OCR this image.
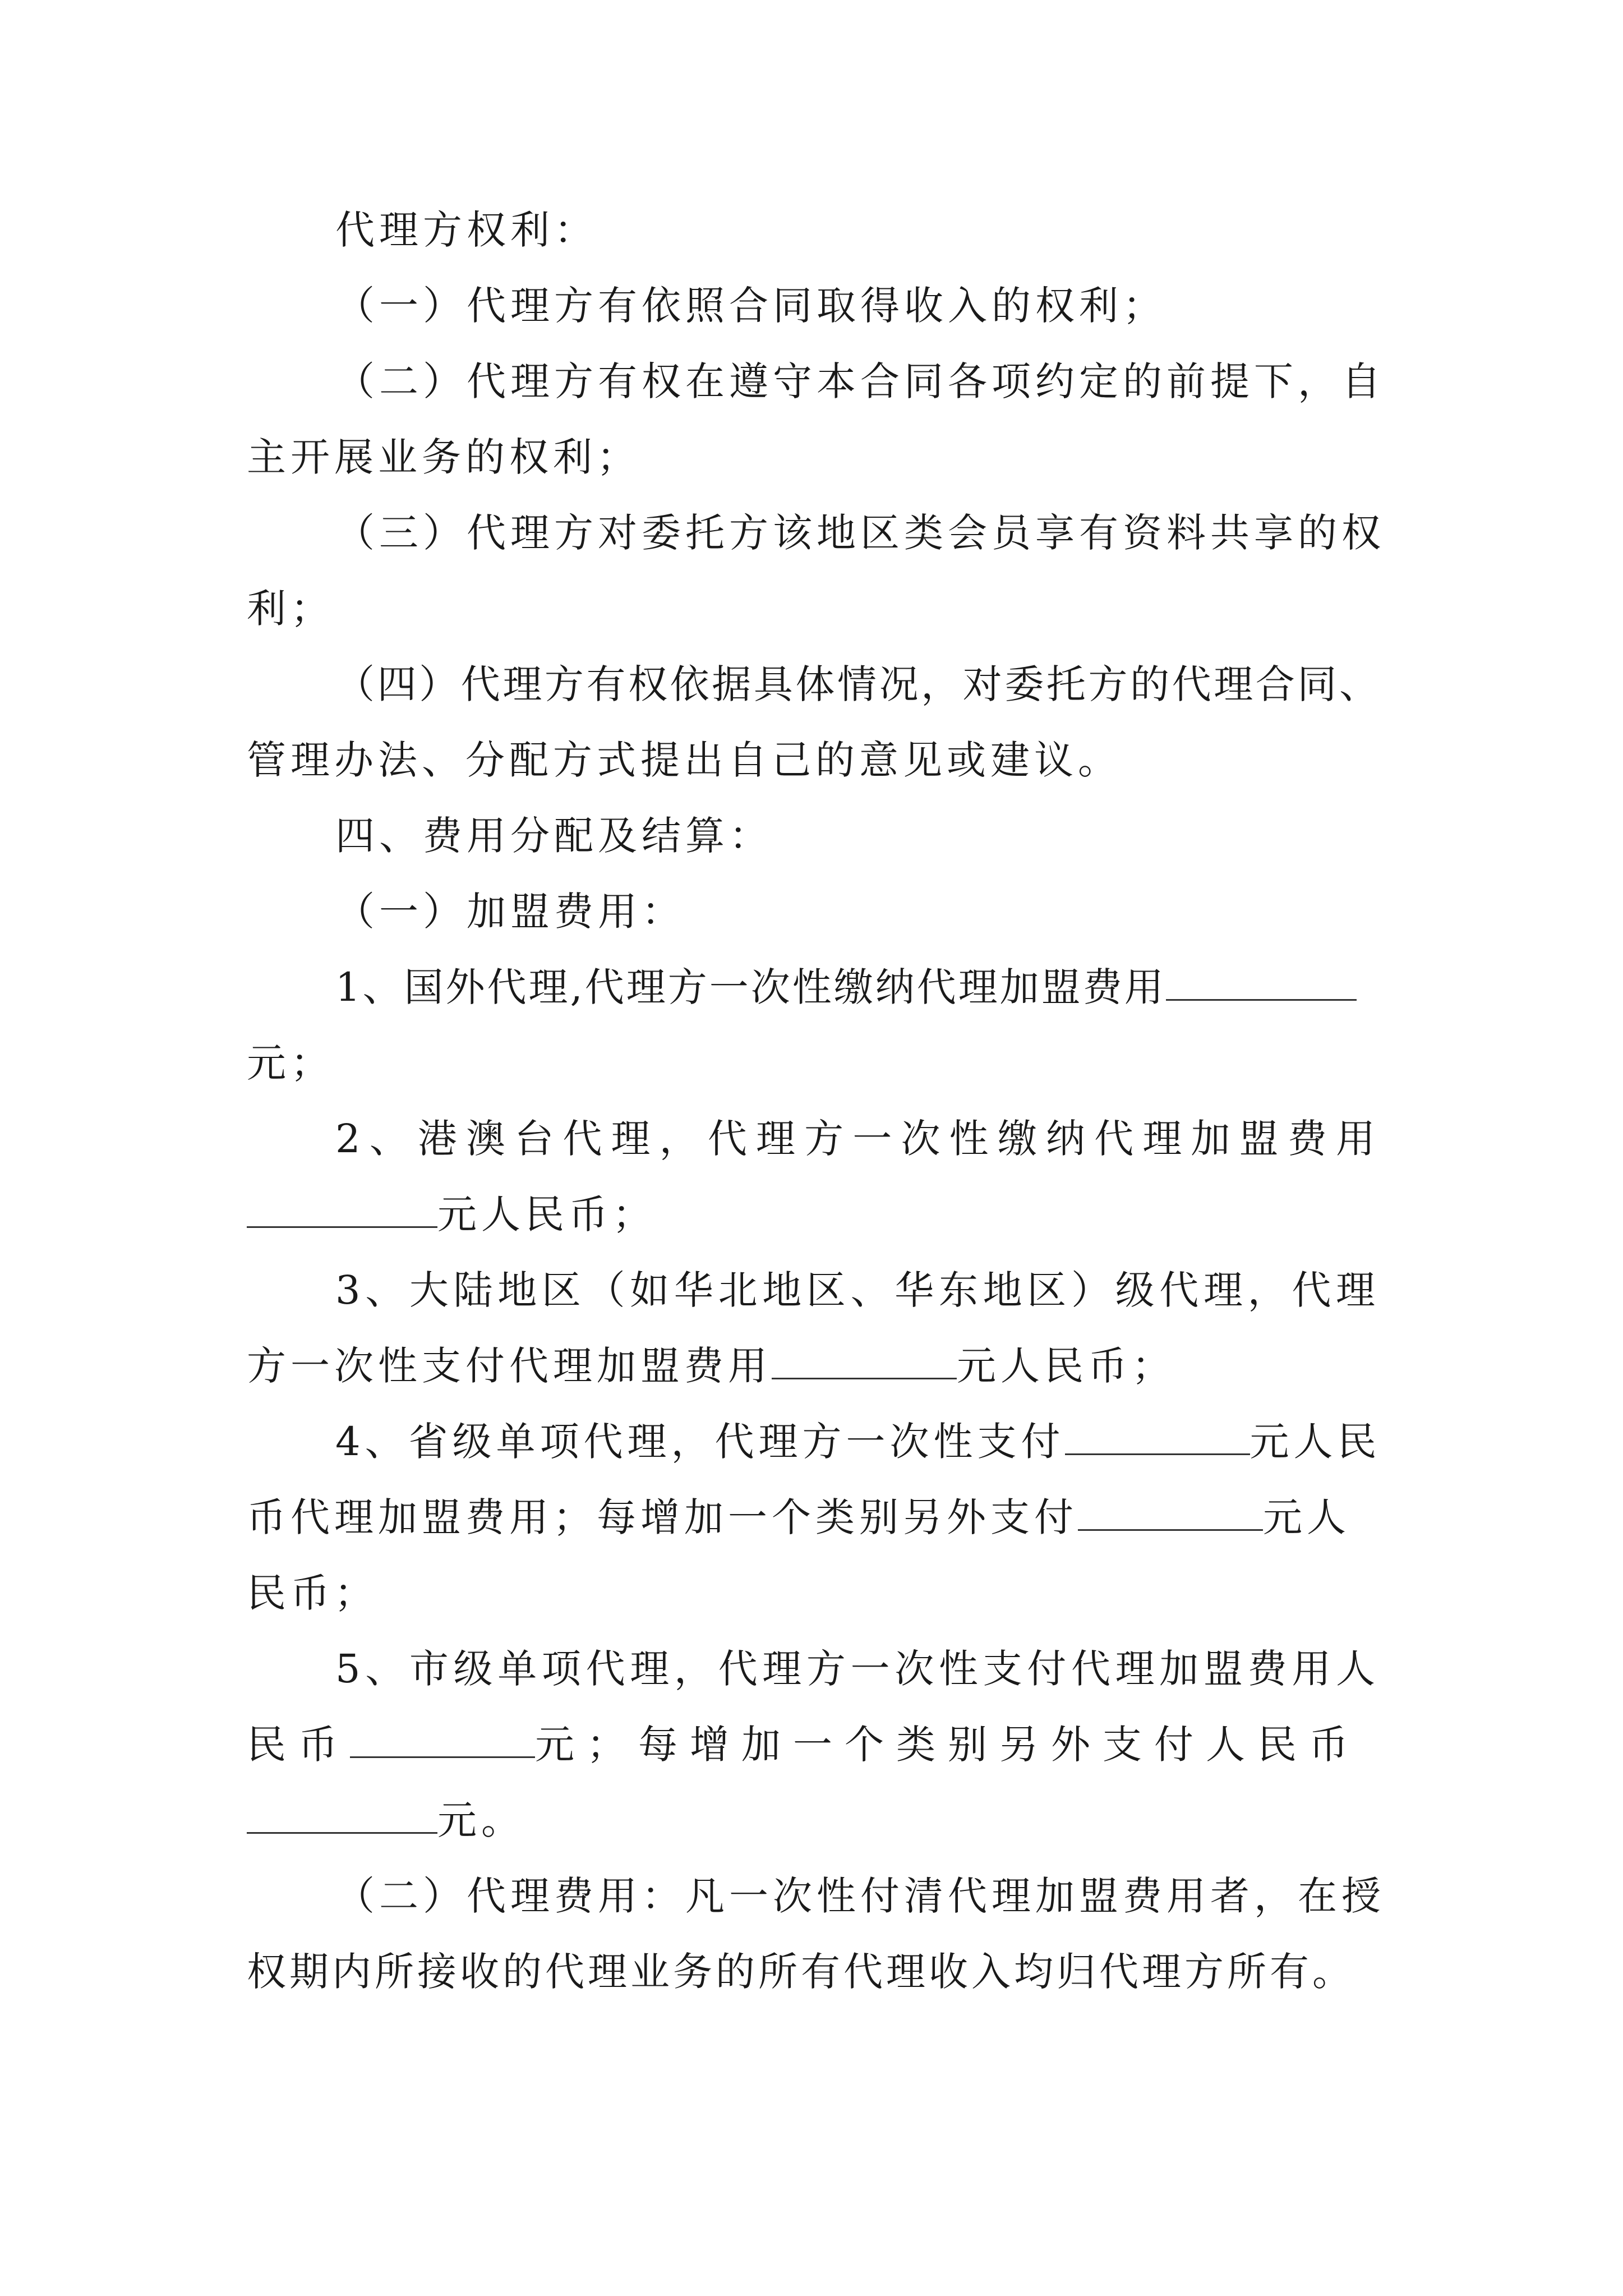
代理方权利：
（一）代理方有依照合同取得收入的权利；
（二）代理方有权在遵守本合同各项约定的前提下，自
主开展业务的权利；
（三）代理方对委托方该地区类会员享有资料共享的权
利；
（四）代理方有权依据具体情况，对委托方的代理合同、
管理办法、分配方式提出自己的意见或建议。
四、费用分配及结算：
（一）加盟费用：
1、国外代理,代理方一次性缴纳代理加盟费用
元；
2、港澳台代理，代理方一次性缴纳代理加盟费用
元人民币；
3、大陆地区（如华北地区、华东地区）级代理，代理
方一次性支付代理加盟费用	元人民币；
4、省级单项代理，代理方一次性支付	元人民
币代理加盟费用；每增加一个类别另外支付	元人
民币；
5、市级单项代理，代理方一次性支付代理加盟费用人
民币	元；每增加一个类别另外支付人民币
元。
（二）代理费用：凡一次性付清代理加盟费用者，在授
权期内所接收的代理业务的所有代理收入均归代理方所有。
